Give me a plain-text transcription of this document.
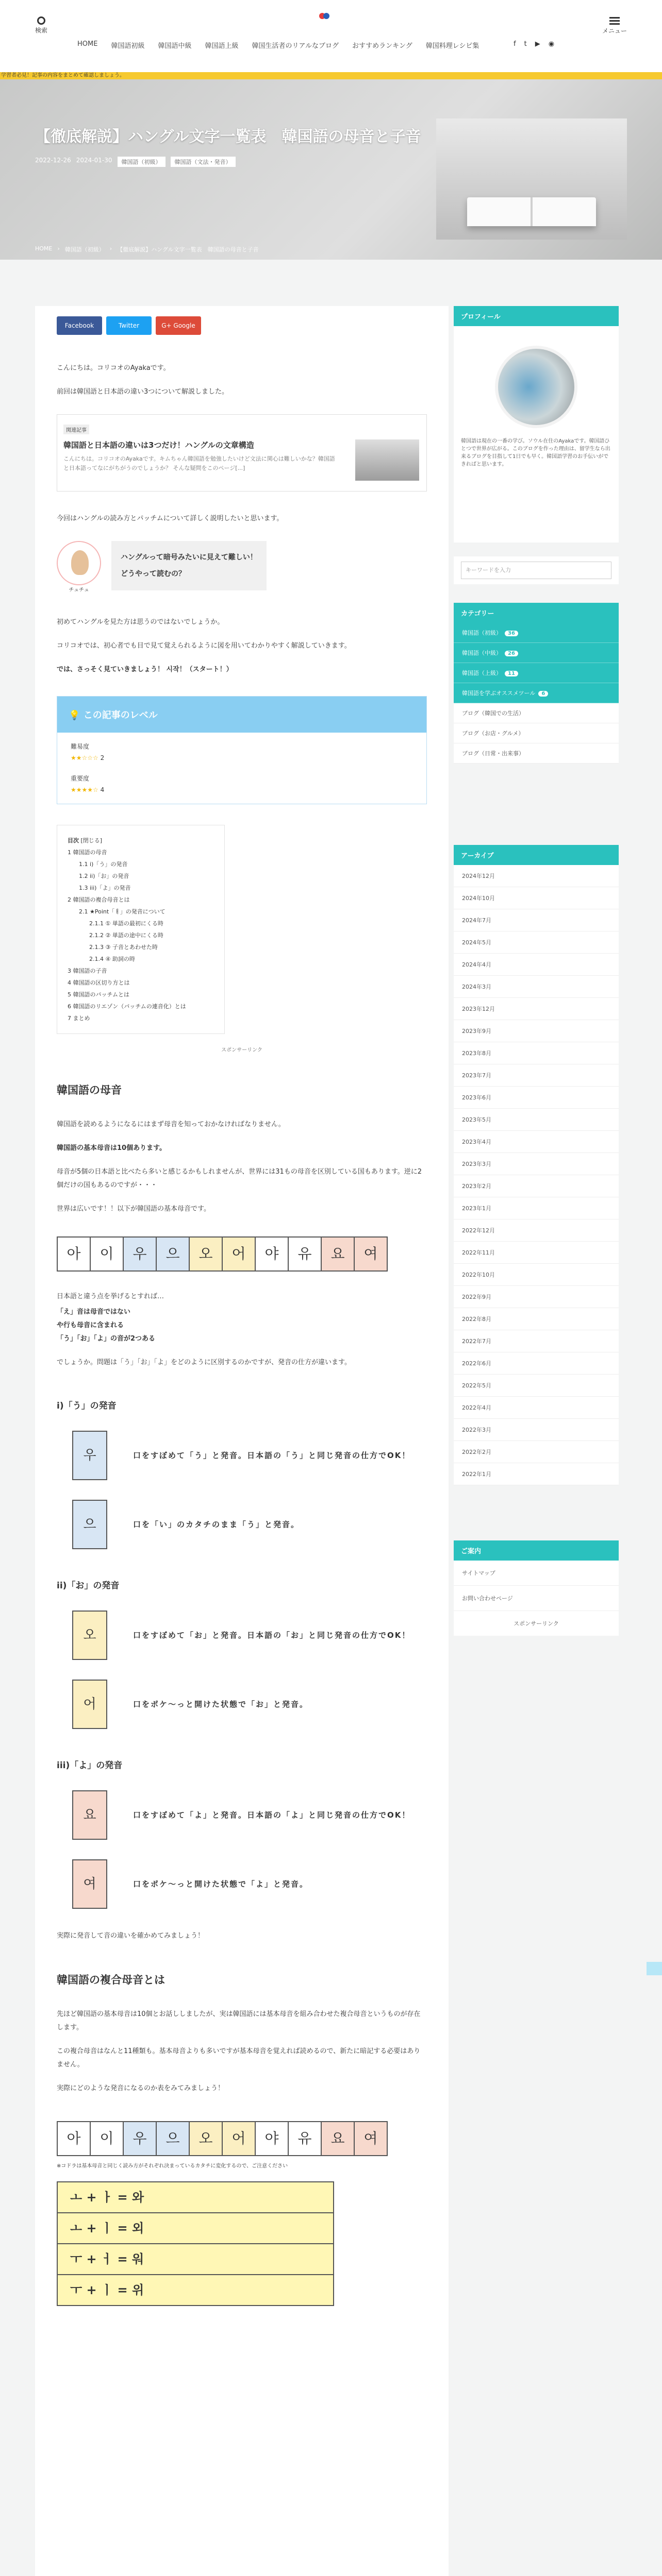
検索
HOME 韓国語初級 韓国語中級 韓国語上級 韓国生活者のリアルなブログ おすすめランキング 韓国料理レシピ集	f t ▶ ◉
メニュー
学習者必見！記事の内容をまとめて確認しましょう。
【徹底解説】ハングル文字一覧表　韓国語の母音と子音
2022-12-26 2024-01-30	韓国語（初級）	韓国語（文法・発音）
HOME › 韓国語（初級） › 【徹底解説】ハングル文字一覧表　韓国語の母音と子音
Facebook	Twitter	G+ Google

こんにちは。コリコオのAyakaです。

前回は韓国語と日本語の違い3つについて解説しました。

関連記事
韓国語と日本語の違いは3つだけ！ハングルの文章構造

こんにちは。コリコオのAyakaです。キムちゃん韓国語を勉強したいけど文法に関心は難しいかな？韓国語と日本語ってなにがちがうのでしょうか？ そんな疑問をこのページ[...]

今回はハングルの読み方とパッチムについて詳しく説明したいと思います。

チュチュ
ハングルって暗号みたいに見えて難しい！
どうやって読むの？

初めてハングルを見た方は思うのではないでしょうか。

コリコオでは、初心者でも目で見て覚えられるように図を用いてわかりやすく解説していきます。

では、さっそく見ていきましょう！ 시작！（スタート！）

💡 この記事のレベル
難易度
★★☆☆☆ 2
重要度
★★★★☆ 4
目次 [閉じる]
1 韓国語の母音
1.1 i)「う」の発音
1.2 ii)「お」の発音
1.3 iii)「よ」の発音
2 韓国語の複合母音とは
2.1 ★Point「ㅐ」の発音について
2.1.1 ① 単語の最初にくる時
2.1.2 ② 単語の途中にくる時
2.1.3 ③ 子音とあわせた時
2.1.4 ④ 助詞の時
3 韓国語の子音
4 韓国語の区切り方とは
5 韓国語のパッチムとは
6 韓国語のリエゾン（パッチムの連音化）とは
7 まとめ
スポンサーリンク
韓国語の母音

韓国語を読めるようになるにはまず母音を知っておかなければなりません。

韓国語の基本母音は10個あります。

母音が5個の日本語と比べたら多いと感じるかもしれませんが、世界には31もの母音を区別している国もあります。逆に2個だけの国もあるのですが・・・

世界は広いです！！以下が韓国語の基本母音です。

아	이	우	으	오	어	야	유	요	여

日本語と違う点を挙げるとすれば…

「え」音は母音ではない

や行も母音に含まれる

「う」「お」「よ」の音が2つある

でしょうか。問題は「う」「お」「よ」をどのように区別するのかですが、発音の仕方が違います。

i)「う」の発音
우	口をすぼめて「う」と発音。日本語の「う」と同じ発音の仕方でOK！
으	口を「い」のカタチのまま「う」と発音。
ii)「お」の発音
오	口をすぼめて「お」と発音。日本語の「お」と同じ発音の仕方でOK！
어	口をポケ～っと開けた状態で「お」と発音。
iii)「よ」の発音
요	口をすぼめて「よ」と発音。日本語の「よ」と同じ発音の仕方でOK！
여	口をポケ～っと開けた状態で「よ」と発音。

実際に発音して音の違いを確かめてみましょう！

韓国語の複合母音とは

先ほど韓国語の基本母音は10個とお話ししましたが、実は韓国語には基本母音を組み合わせた複合母音というものが存在します。

この複合母音はなんと11種類も。基本母音よりも多いですが基本母音を覚えれば読めるので、新たに暗記する必要はありません。

実際にどのような発音になるのか表をみてみましょう！

아	이	우	으	오	어	야	유	요	여

※コドラは基本母音と同じく読み方がそれぞれ決まっているカタチに変化するので、ご注意ください

ㅗ + ㅏ = 와
ㅗ + ㅣ = 외
ㅜ + ㅓ = 워
ㅜ + ㅣ = 위
プロフィール
韓国語は現在の一番の学び。ソウル在住のAyakaです。韓国語ひとつで世界が広がる。このブログを作った理由は、留学生なら出来るブログを目指して1日でも早く。韓国語学習のお手伝いができればと思います。
キーワードを入力
カテゴリー
韓国語（初級） 36
韓国語（中級） 26
韓国語（上級） 11
韓国語を学ぶオススメツール 6
ブログ（韓国での生活）
ブログ（お店・グルメ）
ブログ（日常・出来事）
アーカイブ
2024年12月
2024年10月
2024年7月
2024年5月
2024年4月
2024年3月
2023年12月
2023年9月
2023年8月
2023年7月
2023年6月
2023年5月
2023年4月
2023年3月
2023年2月
2023年1月
2022年12月
2022年11月
2022年10月
2022年9月
2022年8月
2022年7月
2022年6月
2022年5月
2022年4月
2022年3月
2022年2月
2022年1月
ご案内
サイトマップ
お問い合わせページ
スポンサーリンク
